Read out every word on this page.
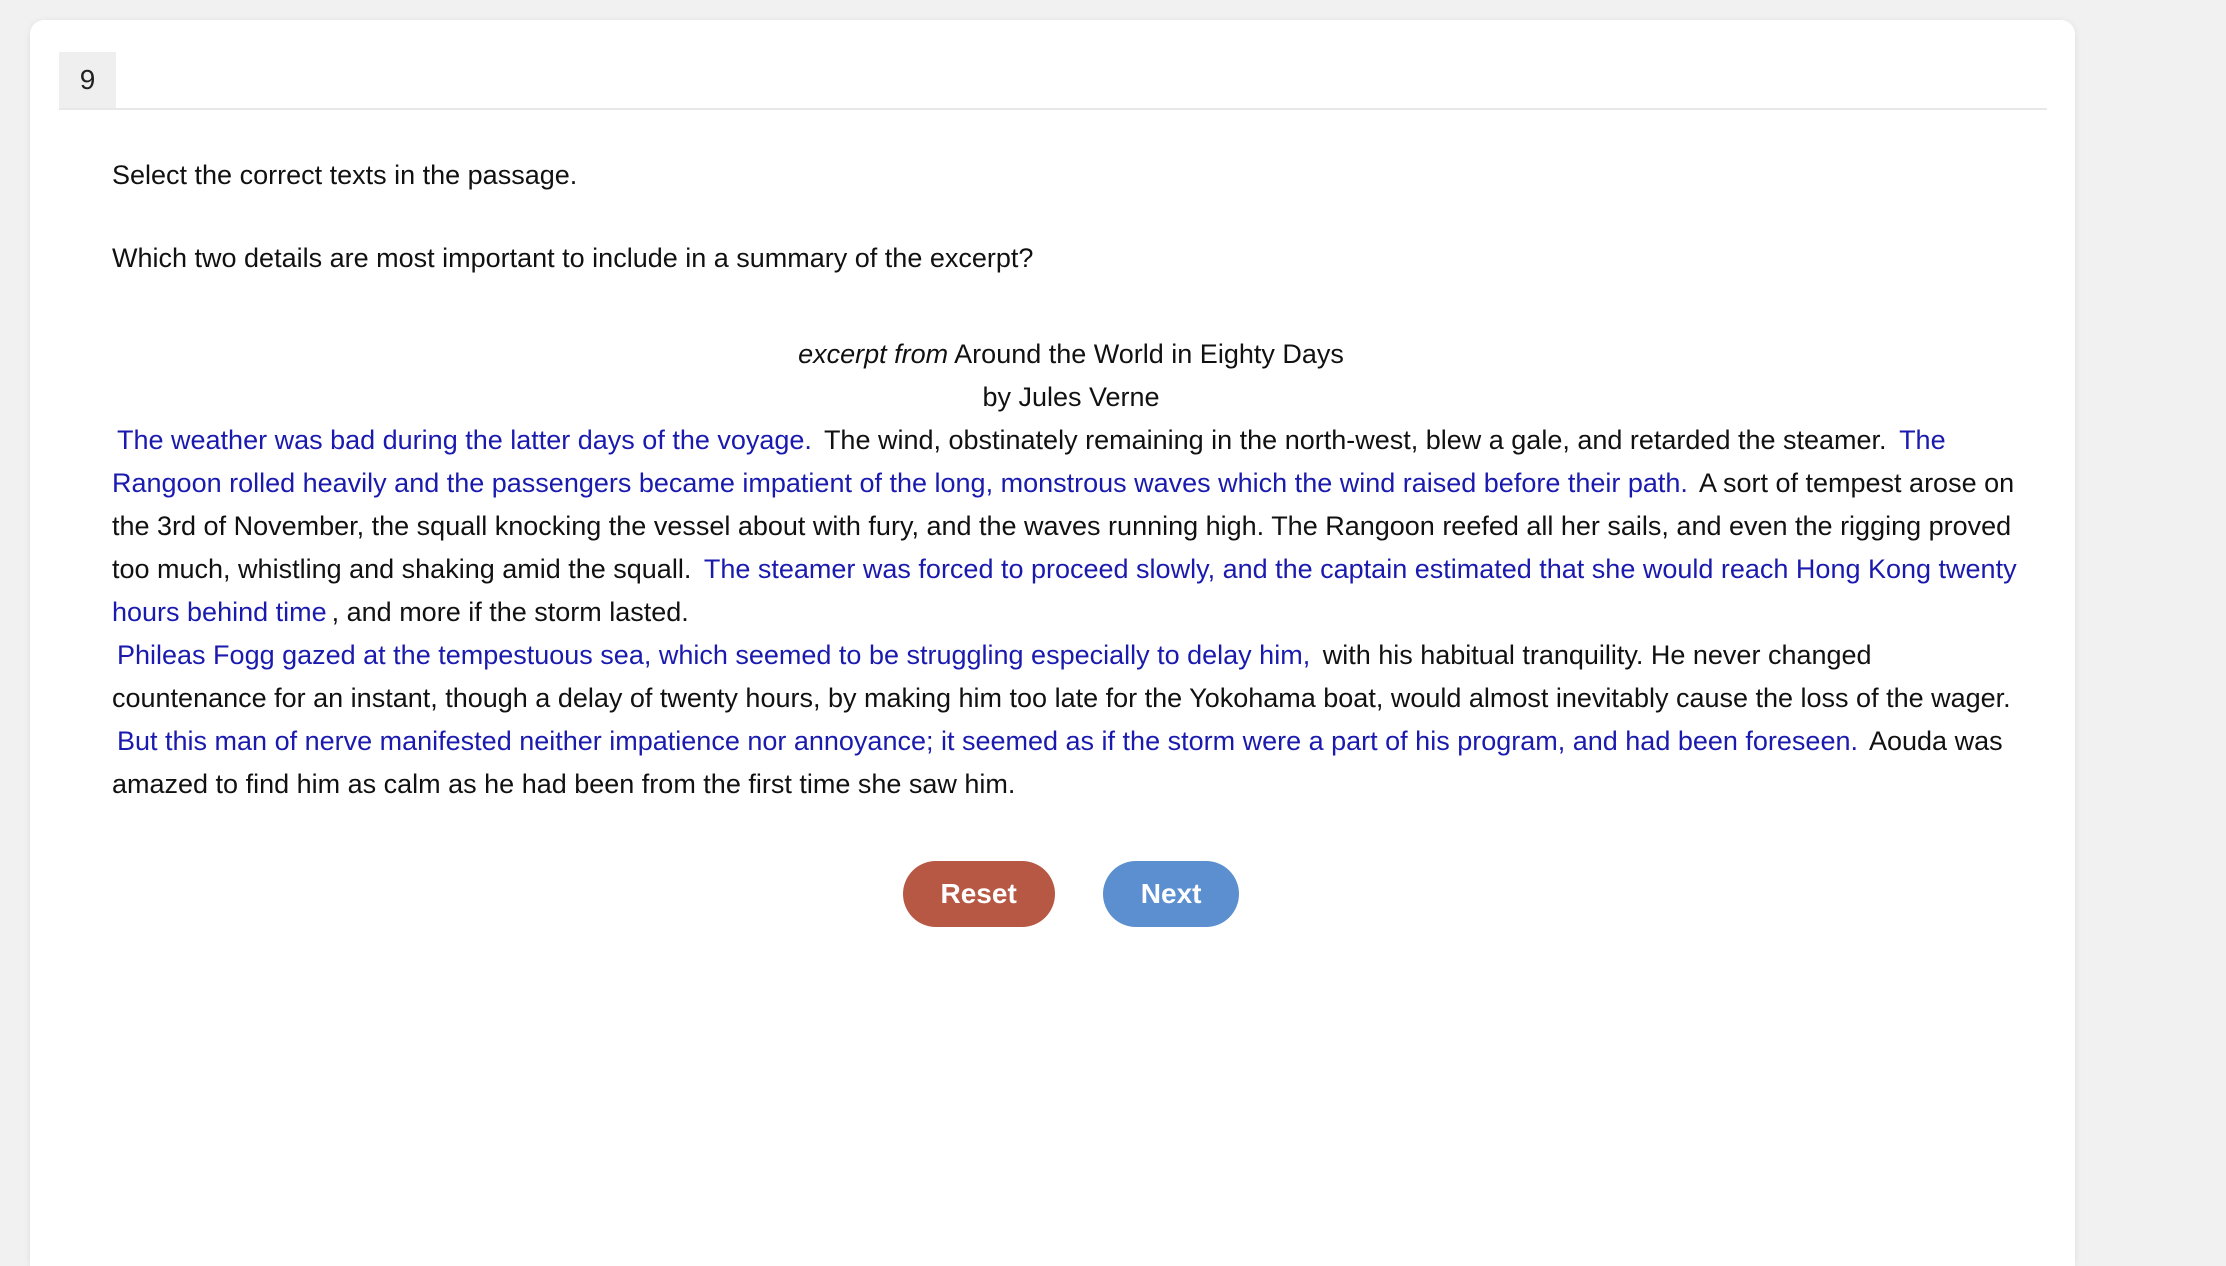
9

Select the correct texts in the passage.

Which two details are most important to include in a summary of the excerpt?

excerpt from Around the World in Eighty Days
by Jules Verne
The weather was bad during the latter days of the voyage. The wind, obstinately remaining in the north-west, blew a gale, and retarded the steamer. The Rangoon rolled heavily and the passengers became impatient of the long, monstrous waves which the wind raised before their path. A sort of tempest arose on the 3rd of November, the squall knocking the vessel about with fury, and the waves running high. The Rangoon reefed all her sails, and even the rigging proved too much, whistling and shaking amid the squall. The steamer was forced to proceed slowly, and the captain estimated that she would reach Hong Kong twenty hours behind time , and more if the storm lasted.
Phileas Fogg gazed at the tempestuous sea, which seemed to be struggling especially to delay him, with his habitual tranquility. He never changed countenance for an instant, though a delay of twenty hours, by making him too late for the Yokohama boat, would almost inevitably cause the loss of the wager. But this man of nerve manifested neither impatience nor annoyance; it seemed as if the storm were a part of his program, and had been foreseen. Aouda was amazed to find him as calm as he had been from the first time she saw him.
Reset	Next
